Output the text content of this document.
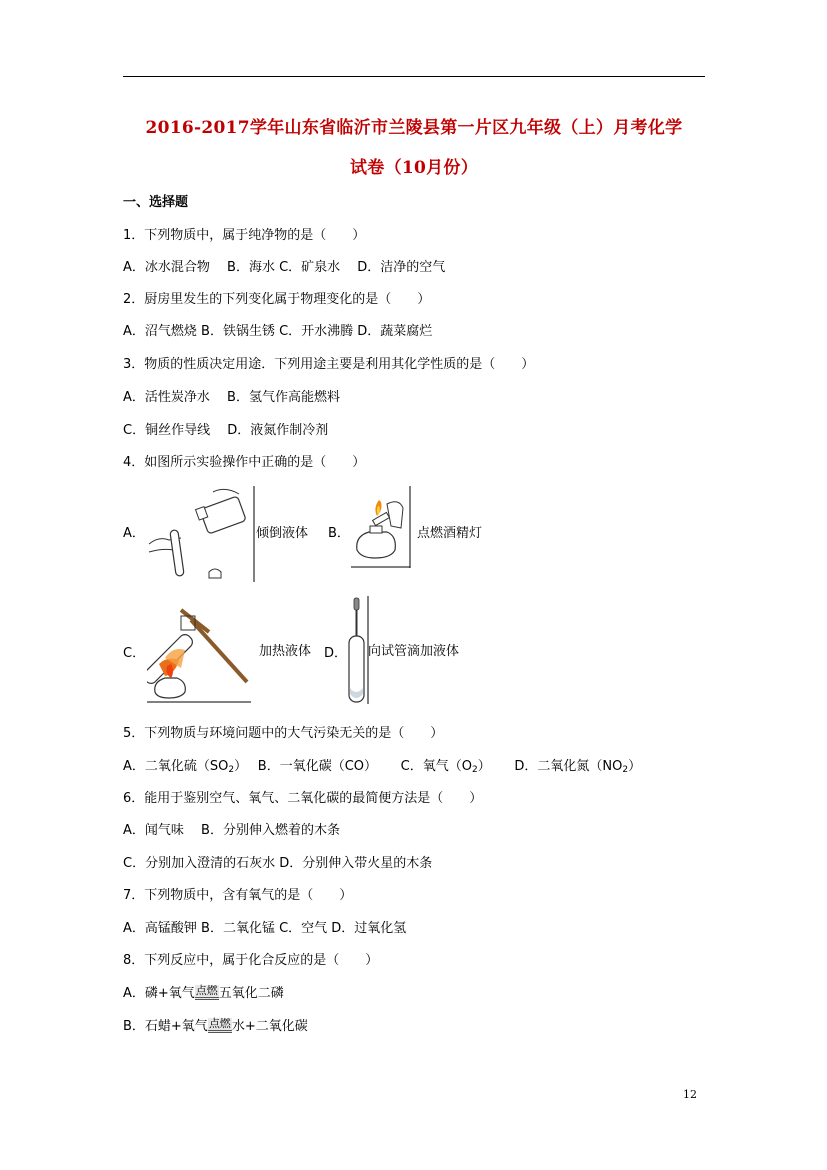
2016-2017学年山东省临沂市兰陵县第一片区九年级（上）月考化学
试卷（10月份）
一、选择题
1．下列物质中，属于纯净物的是（　　）
A．冰水混合物　 B．海水 C．矿泉水　 D．洁净的空气
2．厨房里发生的下列变化属于物理变化的是（　　）
A．沼气燃烧 B．铁锅生锈 C．开水沸腾 D．蔬菜腐烂
3．物质的性质决定用途．下列用途主要是利用其化学性质的是（　　）
A．活性炭净水　 B．氢气作高能燃料
C．铜丝作导线　 D．液氮作制冷剂
4．如图所示实验操作中正确的是（　　）
A．	倾倒液体 B．	点燃酒精灯
C．	加热液体 D． 向试管滴加液体
5．下列物质与环境问题中的大气污染无关的是（　　）
A．二氧化硫$(SO_2)$　 B．一氧化碳（CO）　　 C．氧气$(O_2)$　　 D．二氧化氮$(NO_2)$
6．能用于鉴别空气、氧气、二氧化碳的最简便方法是（　　）
A．闻气味　 B．分别伸入燃着的木条
C．分别加入澄清的石灰水 D．分别伸入带火星的木条
7．下列物质中，含有氧气的是（　　）
A．高锰酸钾 B．二氧化锰 C．空气 D．过氧化氢
8．下列反应中，属于化合反应的是（　　）
A．磷+氧气点燃五氧化二磷
B．石蜡+氧气点燃水+二氧化碳
12
